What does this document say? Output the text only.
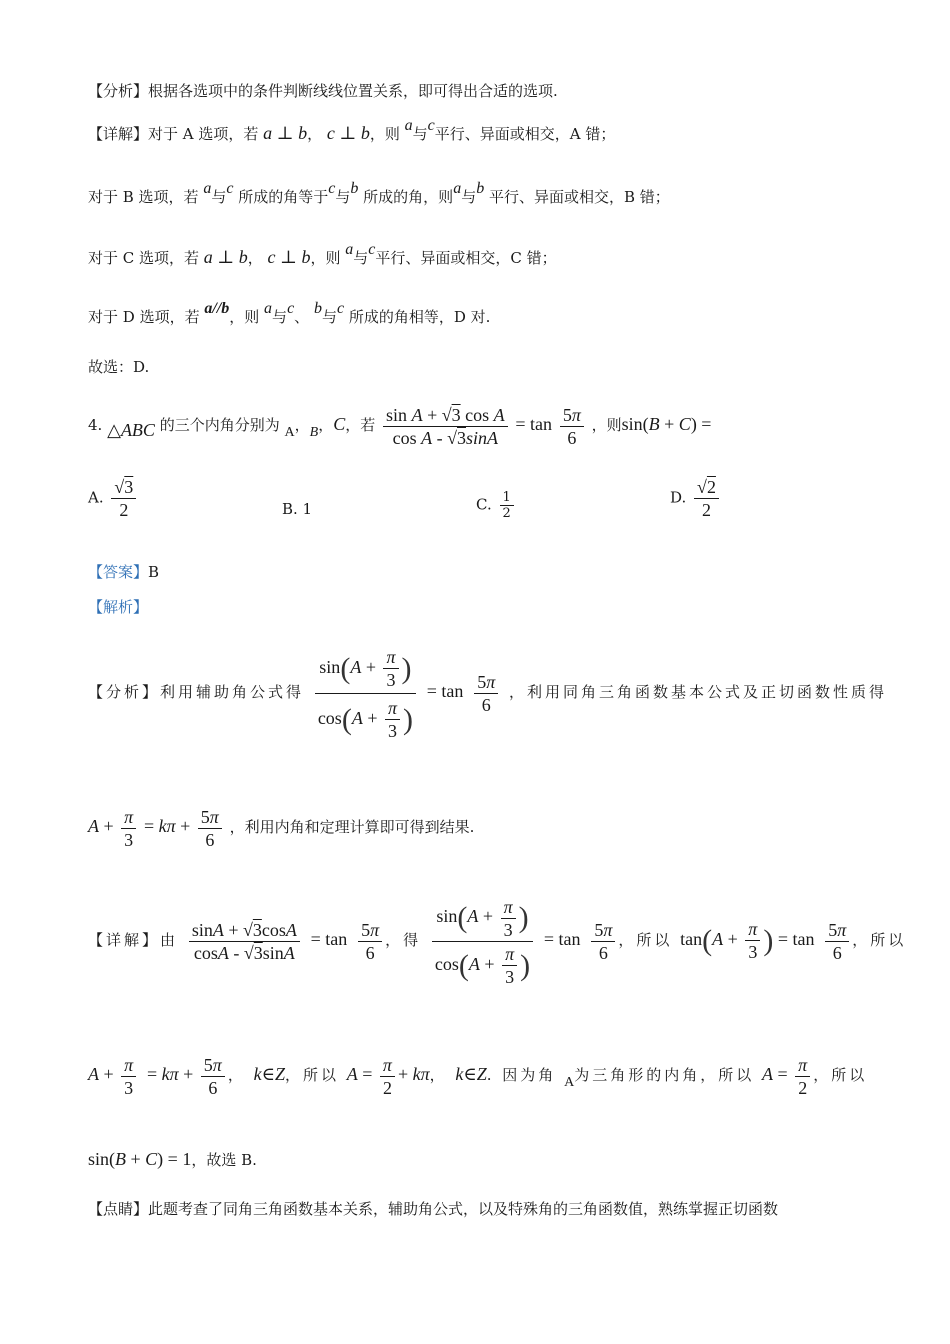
【分析】根据各选项中的条件判断线线位置关系，即可得出合适的选项.
【详解】对于 A 选项，若 a ⊥ b， c ⊥ b，则 a与c平行、异面或相交，A 错；
对于 B 选项，若 a与c 所成的角等于c与b 所成的角，则a与b 平行、异面或相交，B 错；
对于 C 选项，若 a ⊥ b， c ⊥ b，则 a与c平行、异面或相交，C 错；
对于 D 选项，若 a//b，则 a与c、 b与c 所成的角相等，D 对.
故选：D.
4. △ABC 的三个内角分别为 A，B，C，若 $\frac{\text{sin A + √3 cos A}}{\text{cos A - √3sinA}} = \tan \frac{5\pi}{6}$ ，则sin(B + C) =
A. $\frac{√3}{2}$	B. 1	C. $\frac{1}{2}$	D. $\frac{√2}{2}$
【答案】B
【解析】
【分析】利用辅助角公式得 $\frac{\sin(A + \frac{\pi}{3} )}{\cos(A + \frac{\pi}{3} )} = \tan \frac{5\pi}{6}$ ，利用同角三角函数基本公式及正切函数性质得
$A + \frac{\pi}{3} = k\pi + \frac{5\pi}{6}$ ，利用内角和定理计算即可得到结果.
【详解】由 $\frac{\sin A + √3\cos A}{\cos A - √3\sin A} = \tan \frac{5\pi}{6}$ ，得 $\frac{\sin(A + \frac{\pi}{3} )}{\cos(A + \frac{\pi}{3} )} = \tan \frac{5\pi}{6}$ ，所以 $\tan(A + \frac{\pi}{3}$ ) = $\tan \frac{5\pi}{6}$ ，所以
$A + \frac{\pi}{3} = k\pi + \frac{5\pi}{6}$ ， k∈Z，所以 $A = \frac{\pi}{2} + k\pi$， k∈Z. 因为角 A为三角形的内角，所以 $A = \frac{\pi}{2}$ ，所以
sin(B + C) = 1，故选 B.
【点睛】此题考查了同角三角函数基本关系，辅助角公式，以及特殊角的三角函数值，熟练掌握正切函数
